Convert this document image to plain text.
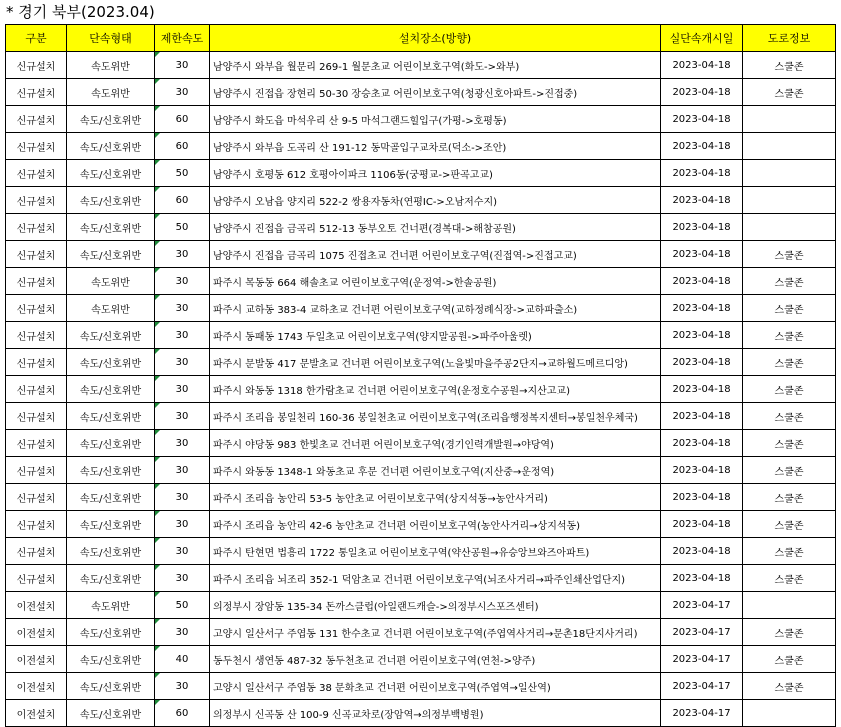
* 경기 북부(2023.04)
구분	단속형태	제한속도	설치장소(방향)	실단속개시일	도로정보
신규설치	속도위반	30	남양주시 와부읍 월문리 269-1 월문초교 어린이보호구역(화도->와부)	2023-04-18	스쿨존
신규설치	속도위반	30	남양주시 진접읍 장현리 50-30 장승초교 어린이보호구역(청광신호아파트->진접중)	2023-04-18	스쿨존
신규설치	속도/신호위반	60	남양주시 화도읍 마석우리 산 9-5 마석그랜드힐입구(가평->호평동)	2023-04-18	
신규설치	속도/신호위반	60	남양주시 와부읍 도곡리 산 191-12 동막골입구교차로(덕소->조안)	2023-04-18	
신규설치	속도/신호위반	50	남양주시 호평동 612 호평아이파크 1106동(궁평교->판곡고교)	2023-04-18	
신규설치	속도/신호위반	60	남양주시 오남읍 양지리 522-2 쌍용자동차(연평IC->오남저수지)	2023-04-18	
신규설치	속도/신호위반	50	남양주시 진접읍 금곡리 512-13 동부오토 건너편(경복대->해참공원)	2023-04-18	
신규설치	속도/신호위반	30	남양주시 진접읍 금곡리 1075 진접초교 건너편 어린이보호구역(진접역->진접고교)	2023-04-18	스쿨존
신규설치	속도위반	30	파주시 목동동 664 해솔초교 어린이보호구역(운정역->한솔공원)	2023-04-18	스쿨존
신규설치	속도위반	30	파주시 교하동 383-4 교하초교 건너편 어린이보호구역(교하정례식장->교하파출소)	2023-04-18	스쿨존
신규설치	속도/신호위반	30	파주시 동패동 1743 두일초교 어린이보호구역(양지말공원->파주아울렛)	2023-04-18	스쿨존
신규설치	속도/신호위반	30	파주시 문발동 417 문발초교 건너편 어린이보호구역(노을빛마을주공2단지→교하월드메르디앙)	2023-04-18	스쿨존
신규설치	속도/신호위반	30	파주시 와동동 1318 한가람초교 건너편 어린이보호구역(운정호수공원→지산고교)	2023-04-18	스쿨존
신규설치	속도/신호위반	30	파주시 조리읍 봉일천리 160-36 봉일천초교 어린이보호구역(조리읍행정복지센터→봉일천우체국)	2023-04-18	스쿨존
신규설치	속도/신호위반	30	파주시 야당동 983 한빛초교 건너편 어린이보호구역(경기인력개발원→야당역)	2023-04-18	스쿨존
신규설치	속도/신호위반	30	파주시 와동동 1348-1 와동초교 후문 건너편 어린이보호구역(지산중→운정역)	2023-04-18	스쿨존
신규설치	속도/신호위반	30	파주시 조리읍 농안리 53-5 농안초교 어린이보호구역(상지석동→농안사거리)	2023-04-18	스쿨존
신규설치	속도/신호위반	30	파주시 조리읍 농안리 42-6 농안초교 건너편 어린이보호구역(농안사거리→상지석동)	2023-04-18	스쿨존
신규설치	속도/신호위반	30	파주시 탄현면 법흥리 1722 통일초교 어린이보호구역(약산공원→유승앙브와즈아파트)	2023-04-18	스쿨존
신규설치	속도/신호위반	30	파주시 조리읍 뇌조리 352-1 덕암초교 건너편 어린이보호구역(뇌조사거리→파주인쇄산업단지)	2023-04-18	스쿨존
이전설치	속도위반	50	의정부시 장암동 135-34 돈까스클럽(아일랜드캐슬->의정부시스포즈센터)	2023-04-17	
이전설치	속도/신호위반	30	고양시 일산서구 주엽동 131 한수초교 건너편 어린이보호구역(주엽역사거리→문촌18단지사거리)	2023-04-17	스쿨존
이전설치	속도/신호위반	40	동두천시 생연동 487-32 동두천초교 건너편 어린이보호구역(연천->양주)	2023-04-17	스쿨존
이전설치	속도/신호위반	30	고양시 일산서구 주엽동 38 문화초교 건너편 어린이보호구역(주엽역→일산역)	2023-04-17	스쿨존
이전설치	속도/신호위반	60	의정부시 신곡동 산 100-9 신곡교차로(장암역→의정부백병원)	2023-04-17	
